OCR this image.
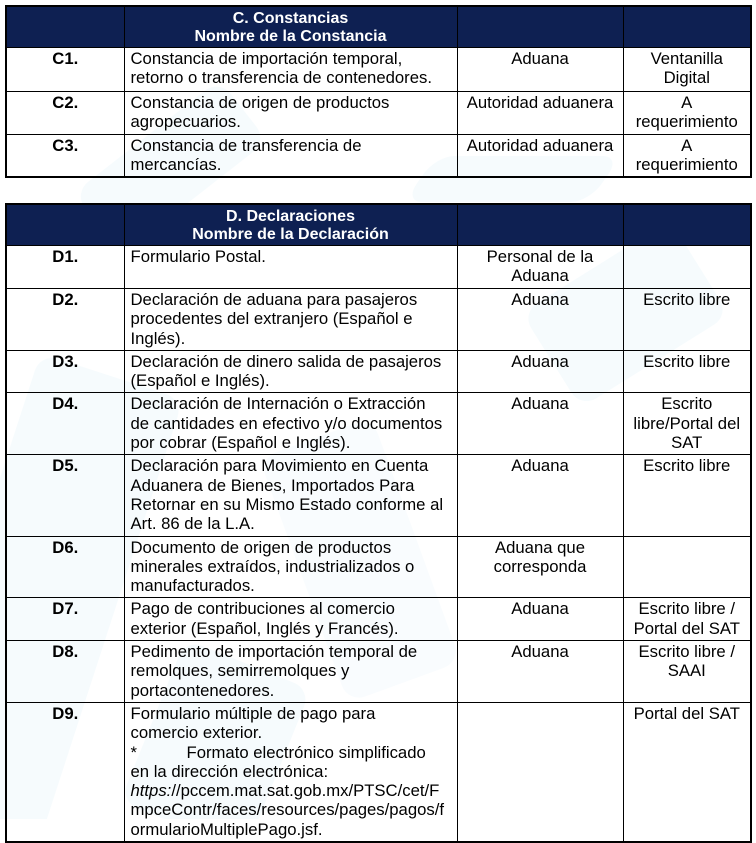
	C. Constancias
Nombre de la Constancia		

C1.	Constancia de importación temporal, retorno o transferencia de contenedores.	Aduana	Ventanilla Digital
C2.	Constancia de origen de productos agropecuarios.	Autoridad aduanera	A requerimiento
C3.	Constancia de transferencia de mercancías.	Autoridad aduanera	A requerimiento

	D. Declaraciones
Nombre de la Declaración		

D1.	Formulario Postal.	Personal de la Aduana	
D2.	Declaración de aduana para pasajeros procedentes del extranjero (Español e Inglés).	Aduana	Escrito libre
D3.	Declaración de dinero salida de pasajeros (Español e Inglés).	Aduana	Escrito libre
D4.	Declaración de Internación o Extracción de cantidades en efectivo y/o documentos por cobrar (Español e Inglés).	Aduana	Escrito libre/Portal del SAT
D5.	Declaración para Movimiento en Cuenta Aduanera de Bienes, Importados Para Retornar en su Mismo Estado conforme al Art. 86 de la L.A.	Aduana	Escrito libre
D6.	Documento de origen de productos minerales extraídos, industrializados o manufacturados.	Aduana que corresponda	
D7.	Pago de contribuciones al comercio exterior (Español, Inglés y Francés).	Aduana	Escrito libre / Portal del SAT
D8.	Pedimento de importación temporal de remolques, semirremolques y portacontenedores.	Aduana	Escrito libre / SAAI
D9.	Formulario múltiple de pago para comercio exterior.
* Formato electrónico simplificado
en la dirección electrónica:
https://pccem.mat.sat.gob.mx/PTSC/cet/FmpceContr/faces/resources/pages/pagos/formularioMultiplePago.jsf.		Portal del SAT
